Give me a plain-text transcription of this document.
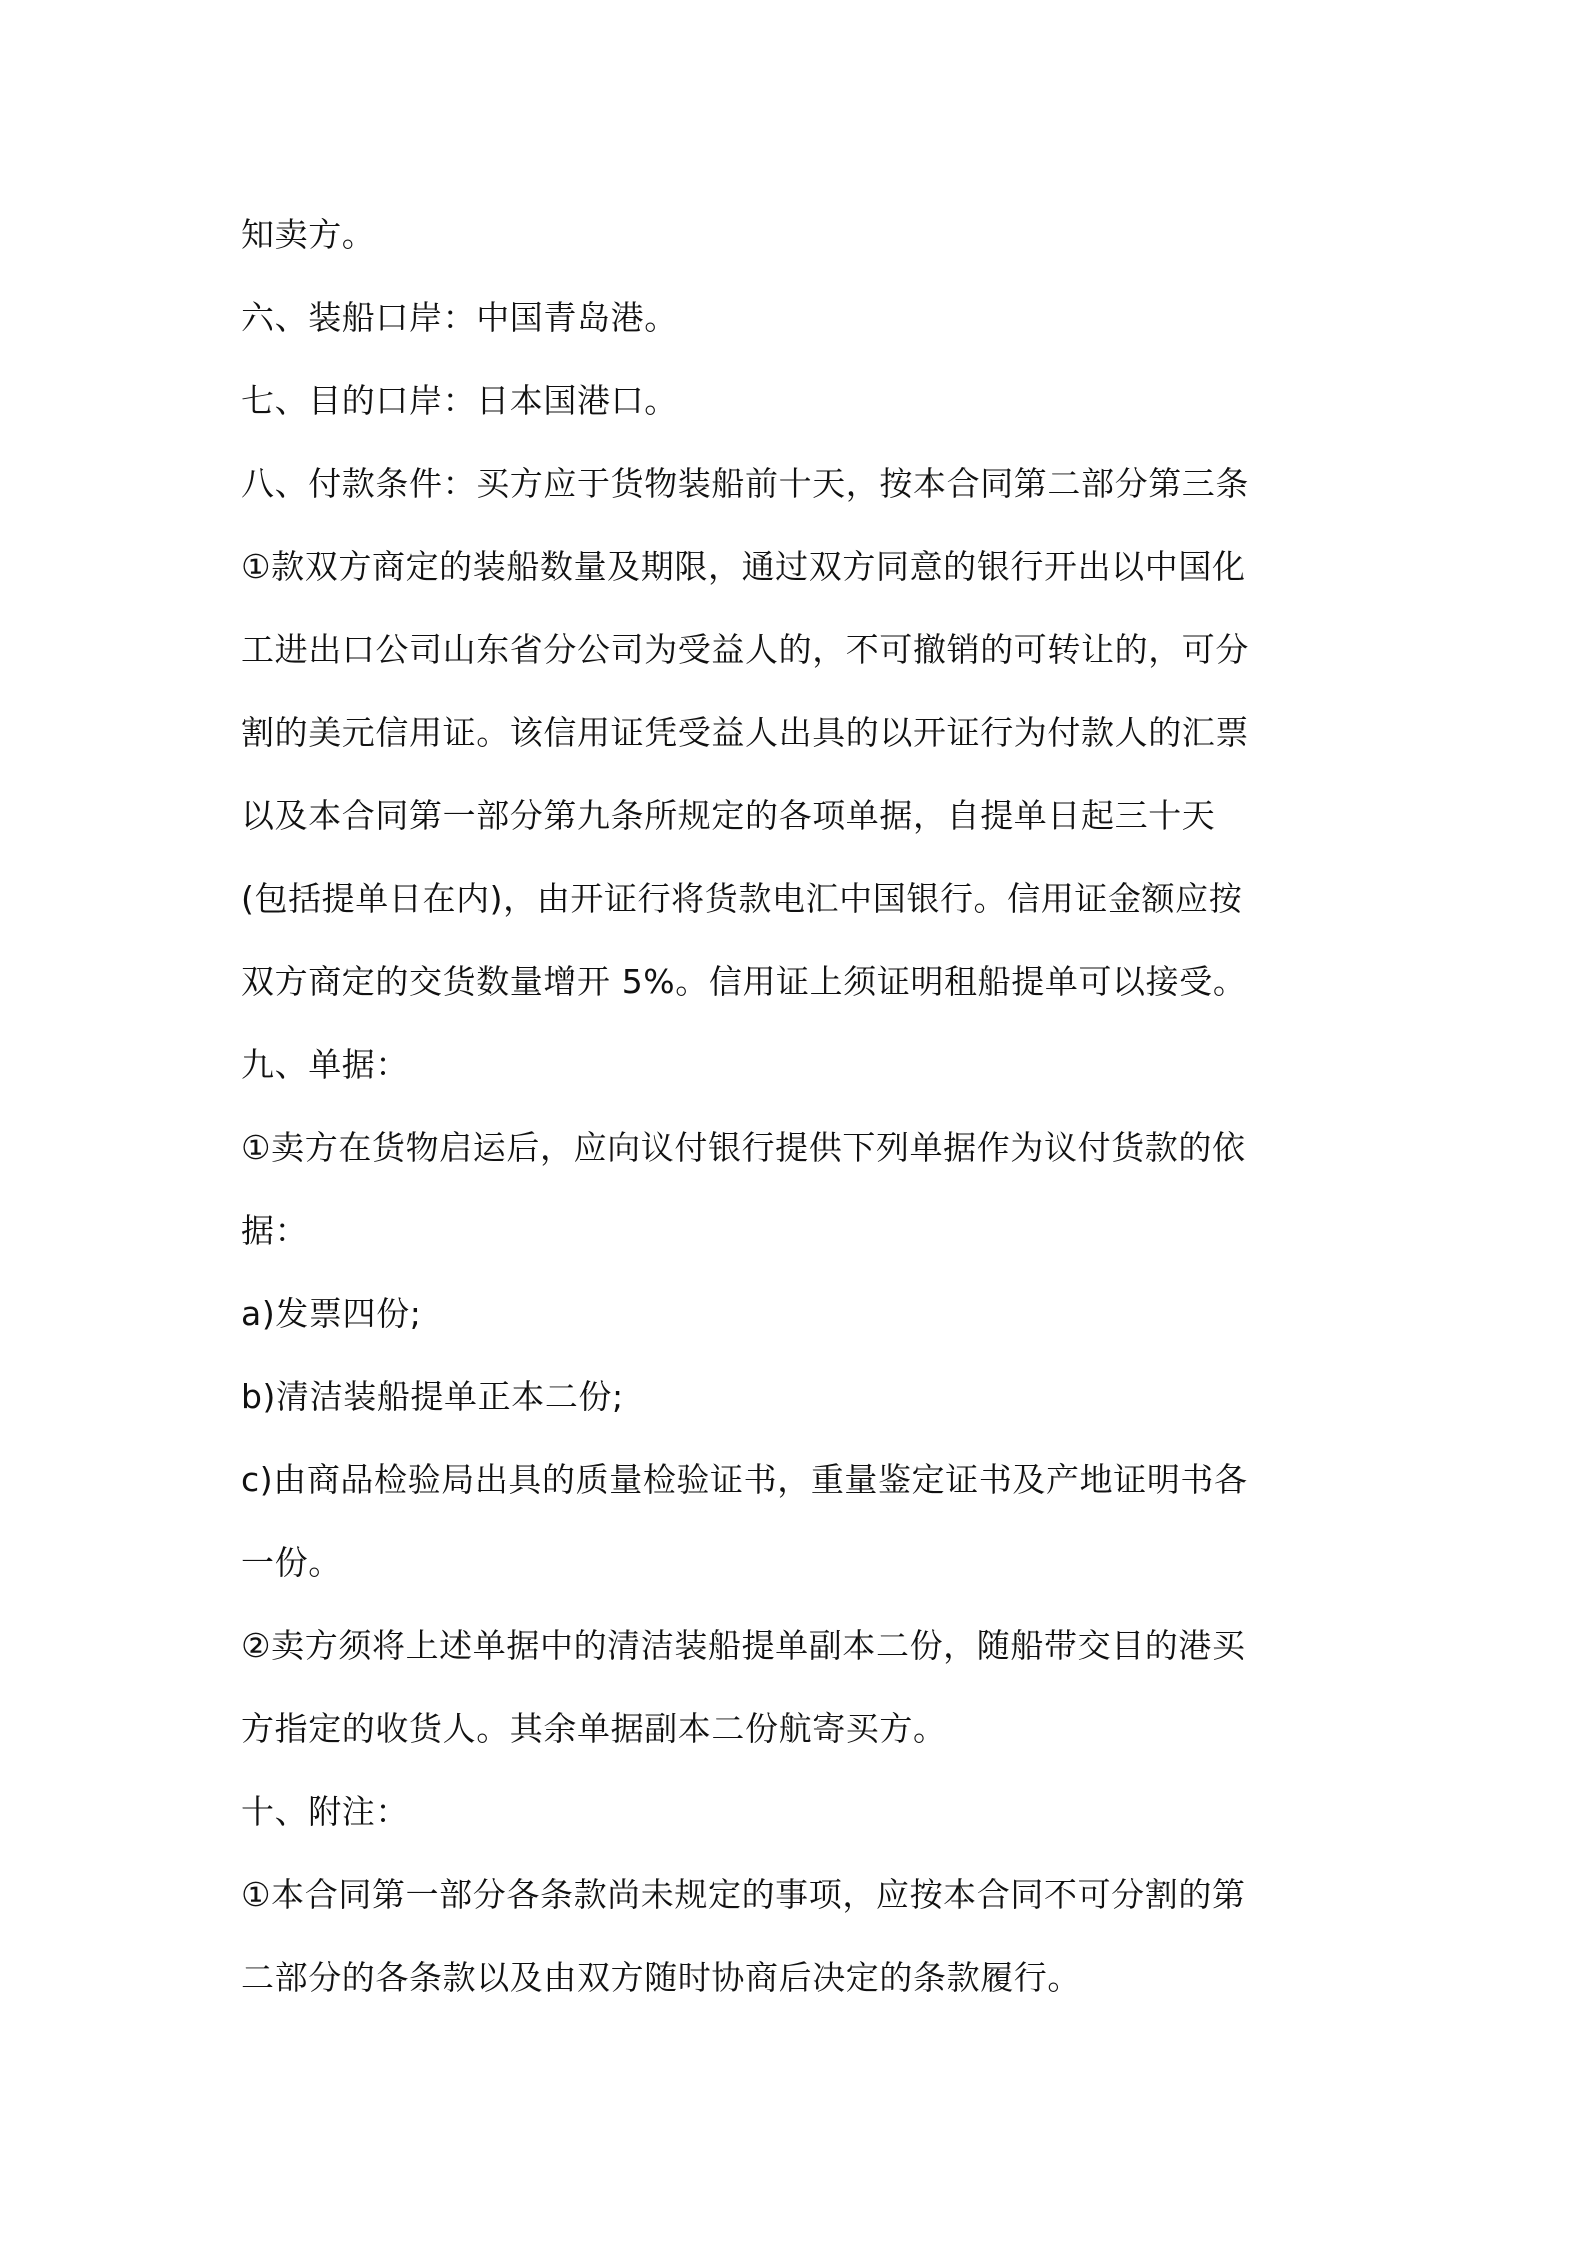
知卖方。
六、装船口岸：中国青岛港。
七、目的口岸：日本国港口。
八、付款条件：买方应于货物装船前十天，按本合同第二部分第三条
①款双方商定的装船数量及期限，通过双方同意的银行开出以中国化
工进出口公司山东省分公司为受益人的，不可撤销的可转让的，可分
割的美元信用证。该信用证凭受益人出具的以开证行为付款人的汇票
以及本合同第一部分第九条所规定的各项单据，自提单日起三十天
(包括提单日在内)，由开证行将货款电汇中国银行。信用证金额应按
双方商定的交货数量增开 5%。信用证上须证明租船提单可以接受。
九、单据：
①卖方在货物启运后，应向议付银行提供下列单据作为议付货款的依
据：
a)发票四份;
b)清洁装船提单正本二份;
c)由商品检验局出具的质量检验证书，重量鉴定证书及产地证明书各
一份。
②卖方须将上述单据中的清洁装船提单副本二份，随船带交目的港买
方指定的收货人。其余单据副本二份航寄买方。
十、附注：
①本合同第一部分各条款尚未规定的事项，应按本合同不可分割的第
二部分的各条款以及由双方随时协商后决定的条款履行。
